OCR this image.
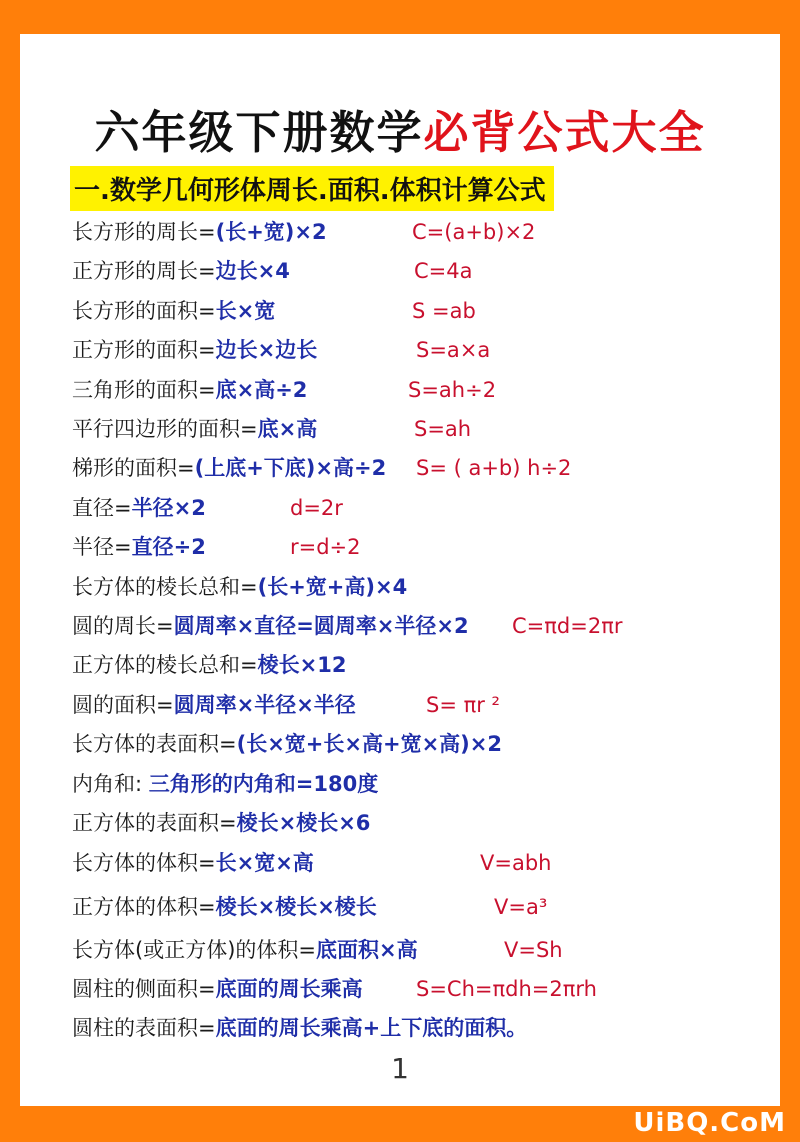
六年级下册数学必背公式大全
一.数学几何形体周长.面积.体积计算公式
长方形的周长=(长+宽)×2	C=(a+b)×2
正方形的周长=边长×4	C=4a
长方形的面积=长×宽	S =ab
正方形的面积=边长×边长	S=a×a
三角形的面积=底×高÷2	S=ah÷2
平行四边形的面积=底×高	S=ah
梯形的面积=(上底+下底)×高÷2 S= ( a+b) h÷2
直径=半径×2	d=2r
半径=直径÷2	r=d÷2
长方体的棱长总和=(长+宽+高)×4
圆的周长=圆周率×直径=圆周率×半径×2 C=πd=2πr
正方体的棱长总和=棱长×12
圆的面积=圆周率×半径×半径	S= πr ²
长方体的表面积=(长×宽+长×高+宽×高)×2
内角和: 三角形的内角和=180度
正方体的表面积=棱长×棱长×6
长方体的体积=长×宽×高	V=abh
正方体的体积=棱长×棱长×棱长	V=a³
长方体(或正方体)的体积=底面积×高	V=Sh
圆柱的侧面积=底面的周长乘高	S=Ch=πdh=2πrh
圆柱的表面积=底面的周长乘高+上下底的面积。
1
UiBQ.CoM
